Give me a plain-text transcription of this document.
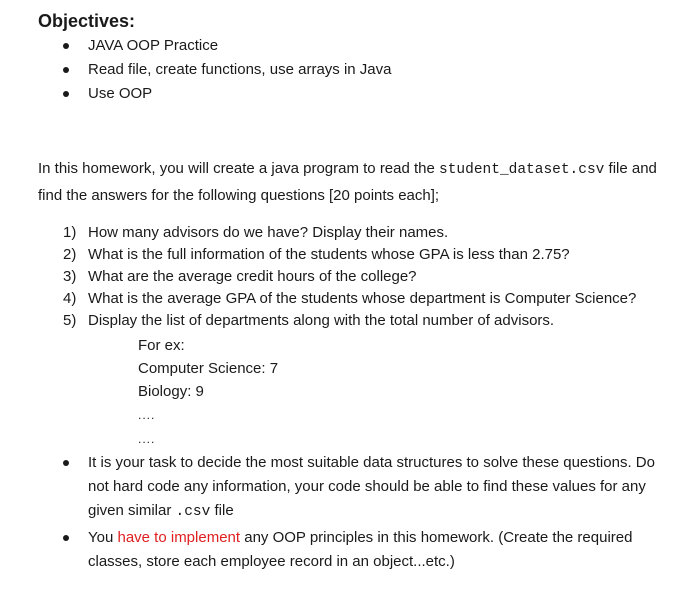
Objectives:
JAVA OOP Practice
Read file, create functions, use arrays in Java
Use OOP

In this homework, you will create a java program to read the student_dataset.csv file and find the answers for the following questions [20 points each];

1) How many advisors do we have? Display their names.
2) What is the full information of the students whose GPA is less than 2.75?
3) What are the average credit hours of the college?
4) What is the average GPA of the students whose department is Computer Science?
5) Display the list of departments along with the total number of advisors.
For ex:
Computer Science: 7
Biology: 9
....
....
It is your task to decide the most suitable data structures to solve these questions. Do not hard code any information, your code should be able to find these values for any given similar .csv file
You have to implement any OOP principles in this homework. (Create the required classes, store each employee record in an object...etc.)
